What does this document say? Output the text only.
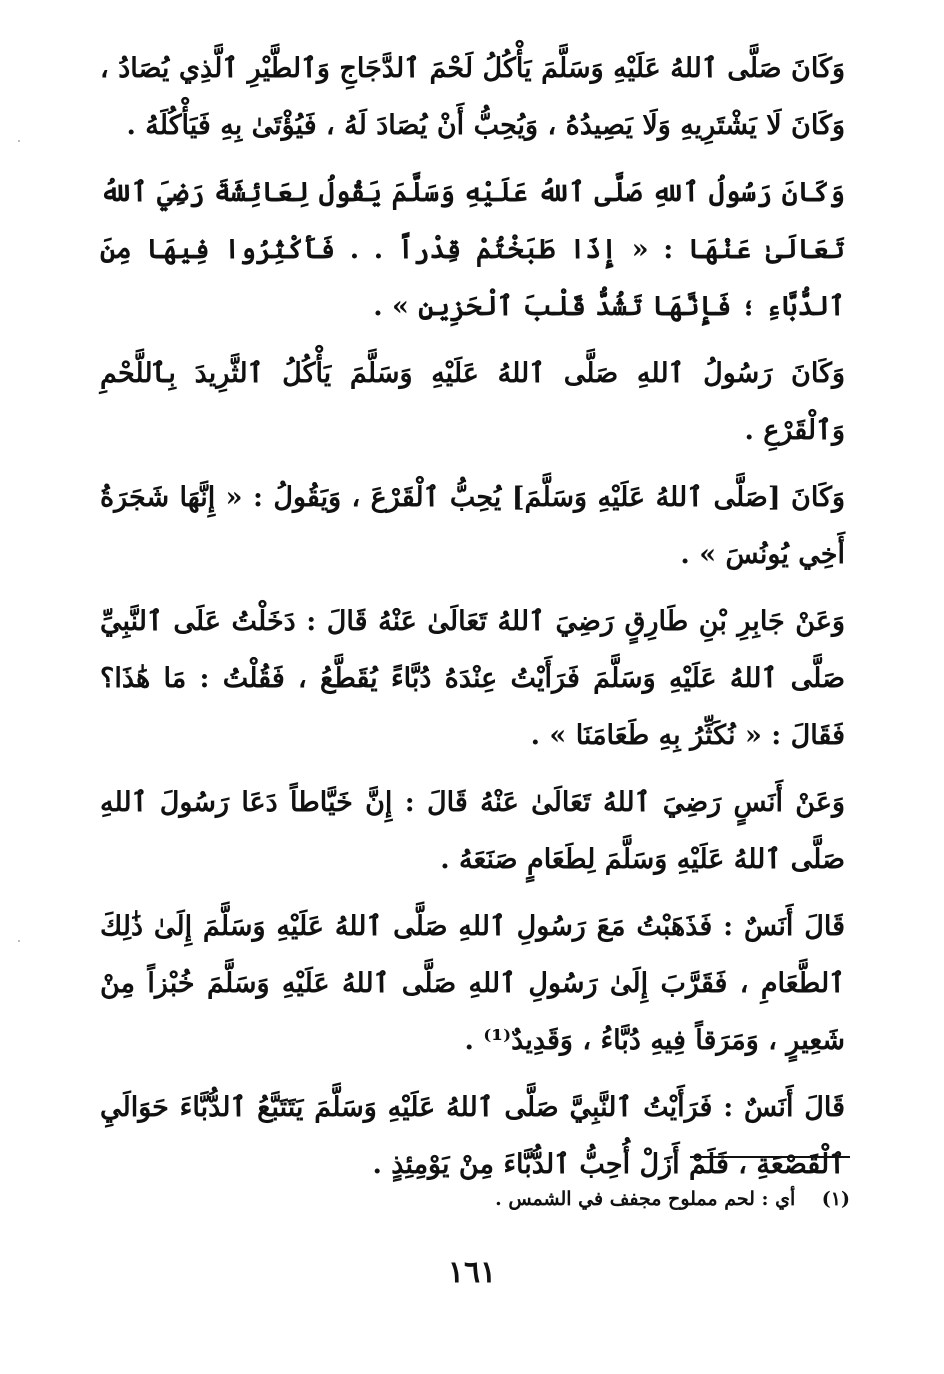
وَكَانَ صَلَّى ٱللهُ عَلَيْهِ وَسَلَّمَ يَأْكُلُ لَحْمَ ٱلدَّجَاجِ وَٱلطَّيْرِ ٱلَّذِي يُصَادُ ، وَكَانَ لَا يَشْتَرِيهِ وَلَا يَصِيدُهُ ، وَيُحِبُّ أَنْ يُصَادَ لَهُ ، فَيُؤْتَىٰ بِهِ فَيَأْكُلَهُ .

وَكَانَ رَسُولُ ٱللهِ صَلَّى ٱللهُ عَلَيْهِ وَسَلَّمَ يَقُولُ لِعَائِشَةَ رَضِيَ ٱللهُ تَعَالَىٰ عَنْهَا : « إِذَا طَبَخْتُمْ قِدْراً . . فَأَكْثِرُوا فِيهَا مِنَ ٱلدُّبَّاءِ ؛ فَإِنَّهَا تَشُدُّ قَلْبَ ٱلْحَزِينِ » .

وَكَانَ رَسُولُ ٱللهِ صَلَّى ٱللهُ عَلَيْهِ وَسَلَّمَ يَأْكُلُ ٱلثَّرِيدَ بِٱللَّحْمِ وَٱلْقَرْعِ .

وَكَانَ [صَلَّى ٱللهُ عَلَيْهِ وَسَلَّمَ] يُحِبُّ ٱلْقَرْعَ ، وَيَقُولُ : « إِنَّهَا شَجَرَةُ أَخِي يُونُسَ » .

وَعَنْ جَابِرِ بْنِ طَارِقٍ رَضِيَ ٱللهُ تَعَالَىٰ عَنْهُ قَالَ : دَخَلْتُ عَلَى ٱلنَّبِيِّ صَلَّى ٱللهُ عَلَيْهِ وَسَلَّمَ فَرَأَيْتُ عِنْدَهُ دُبَّاءً يُقَطَّعُ ، فَقُلْتُ : مَا هَٰذَا؟ فَقَالَ : « نُكَثِّرُ بِهِ طَعَامَنَا » .

وَعَنْ أَنَسٍ رَضِيَ ٱللهُ تَعَالَىٰ عَنْهُ قَالَ : إِنَّ خَيَّاطاً دَعَا رَسُولَ ٱللهِ صَلَّى ٱللهُ عَلَيْهِ وَسَلَّمَ لِطَعَامٍ صَنَعَهُ .

قَالَ أَنَسٌ : فَذَهَبْتُ مَعَ رَسُولِ ٱللهِ صَلَّى ٱللهُ عَلَيْهِ وَسَلَّمَ إِلَىٰ ذَٰلِكَ ٱلطَّعَامِ ، فَقَرَّبَ إِلَىٰ رَسُولِ ٱللهِ صَلَّى ٱللهُ عَلَيْهِ وَسَلَّمَ خُبْزاً مِنْ شَعِيرٍ ، وَمَرَقاً فِيهِ دُبَّاءُ ، وَقَدِيدٌ⁽¹⁾ .

قَالَ أَنَسٌ : فَرَأَيْتُ ٱلنَّبِيَّ صَلَّى ٱللهُ عَلَيْهِ وَسَلَّمَ يَتَتَبَّعُ ٱلدُّبَّاءَ حَوَالَيِ ٱلْقَصْعَةِ ، فَلَمْ أَزَلْ أُحِبُّ ٱلدُّبَّاءَ مِنْ يَوْمِئِذٍ .

(١)    أي : لحم مملوح مجفف في الشمس .
١٦١
